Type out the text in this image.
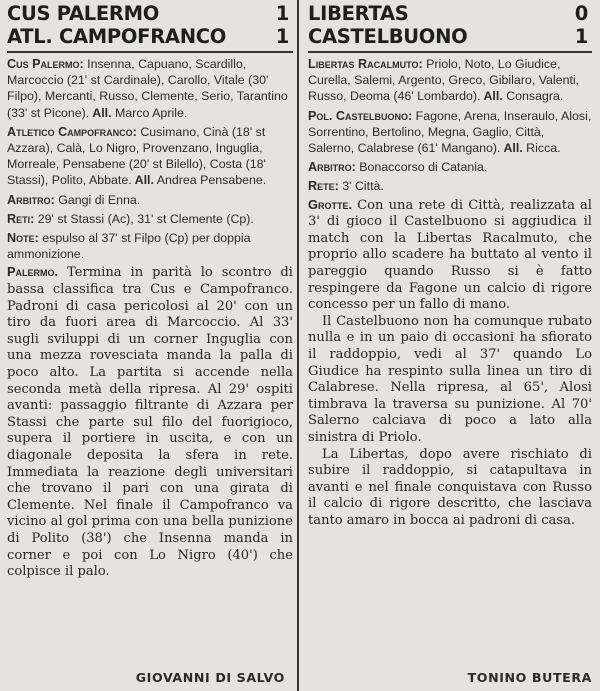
CUS PALERMO	1
ATL. CAMPOFRANCO	1

Cus Palermo: Insenna, Capuano, Scardillo, Marcoccio (21' st Cardinale), Carollo, Vitale (30' Filpo), Mercanti, Russo, Clemente, Serio, Tarantino (33' st Picone). All. Marco Aprile.

Atletico Campofranco: Cusimano, Cinà (18' st Azzara), Calà, Lo Nigro, Provenzano, Inguglia, Morreale, Pensabene (20' st Bilello), Costa (18' Stassi), Polito, Abbate. All. Andrea Pensabene.

Arbitro: Gangi di Enna.

Reti: 29' st Stassi (Ac), 31' st Clemente (Cp).

Note: espulso al 37' st Filpo (Cp) per doppia ammonizione.

Palermo. Termina in parità lo scontro di bassa classifica tra Cus e Campofranco. Padroni di casa pericolosi al 20' con un tiro da fuori area di Marcoccio. Al 33' sugli sviluppi di un corner Inguglia con una mezza rovesciata manda la palla di poco alto. La partita si accende nella seconda metà della ripresa. Al 29' ospiti avanti: passaggio filtrante di Azzara per Stassi che parte sul filo del fuorigioco, supera il portiere in uscita, e con un diagonale deposita la sfera in rete. Immediata la reazione degli universitari che trovano il pari con una girata di Clemente. Nel finale il Campofranco va vicino al gol prima con una bella punizione di Polito (38') che Insenna manda in corner e poi con Lo Nigro (40') che colpisce il palo.

GIOVANNI DI SALVO
LIBERTAS	0
CASTELBUONO	1

Libertas Racalmuto: Priolo, Noto, Lo Giudice, Curella, Salemi, Argento, Greco, Gibilaro, Valenti, Russo, Deoma (46' Lombardo). All. Consagra.

Pol. Castelbuono: Fagone, Arena, Inseraulo, Alosi, Sorrentino, Bertolino, Megna, Gaglio, Città, Salerno, Calabrese (61' Mangano). All. Ricca.

Arbitro: Bonaccorso di Catania.

Rete: 3' Città.

Grotte. Con una rete di Città, realizzata al 3' di gioco il Castelbuono si aggiudica il match con la Libertas Racalmuto, che proprio allo scadere ha buttato al vento il pareggio quando Russo si è fatto respingere da Fagone un calcio di rigore concesso per un fallo di mano.

Il Castelbuono non ha comunque rubato nulla e in un paio di occasioni ha sfiorato il raddoppio, vedi al 37' quando Lo Giudice ha respinto sulla linea un tiro di Calabrese. Nella ripresa, al 65', Alosi timbrava la traversa su punizione. Al 70' Salerno calciava di poco a lato alla sinistra di Priolo.

La Libertas, dopo avere rischiato di subire il raddoppio, si catapultava in avanti e nel finale conquistava con Russo il calcio di rigore descritto, che lasciava tanto amaro in bocca ai padroni di casa.

TONINO BUTERA
